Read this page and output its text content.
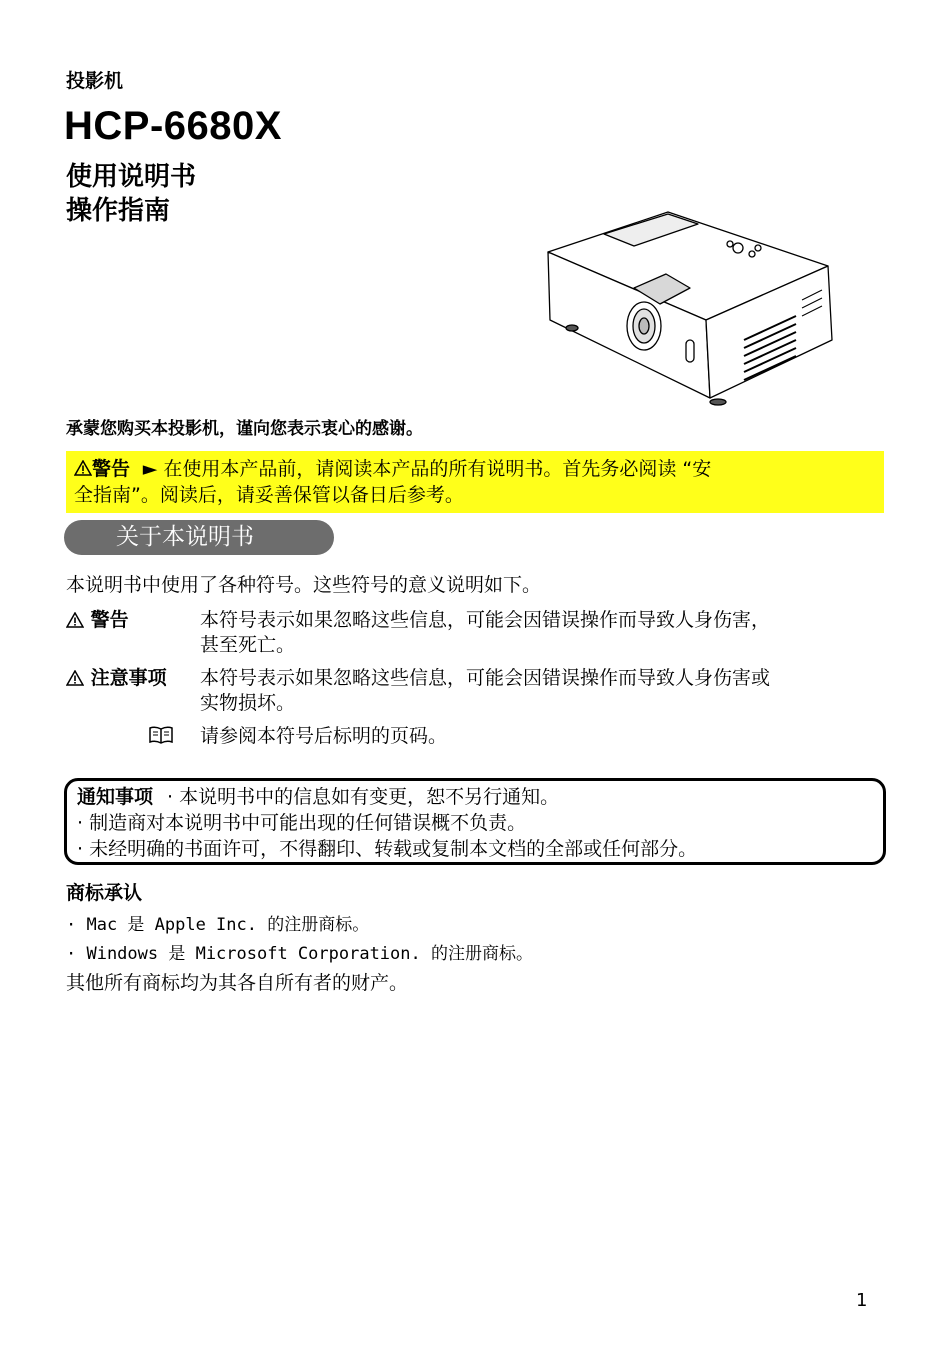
投影机
HCP-6680X
使用说明书
操作指南
承蒙您购买本投影机，谨向您表示衷心的感谢。
警告 ► 在使用本产品前，请阅读本产品的所有说明书。首先务必阅读 “安
全指南”。阅读后，请妥善保管以备日后参考。
关于本说明书
本说明书中使用了各种符号。这些符号的意义说明如下。
警告	本符号表示如果忽略这些信息，可能会因错误操作而导致人身伤害，
甚至死亡。
注意事项	本符号表示如果忽略这些信息，可能会因错误操作而导致人身伤害或
实物损坏。
请参阅本符号后标明的页码。
通知事项 · 本说明书中的信息如有变更，恕不另行通知。
· 制造商对本说明书中可能出现的任何错误概不负责。
· 未经明确的书面许可，不得翻印、转载或复制本文档的全部或任何部分。
商标承认
· Mac 是 Apple Inc. 的注册商标。
· Windows 是 Microsoft Corporation. 的注册商标。
其他所有商标均为其各自所有者的财产。
1
